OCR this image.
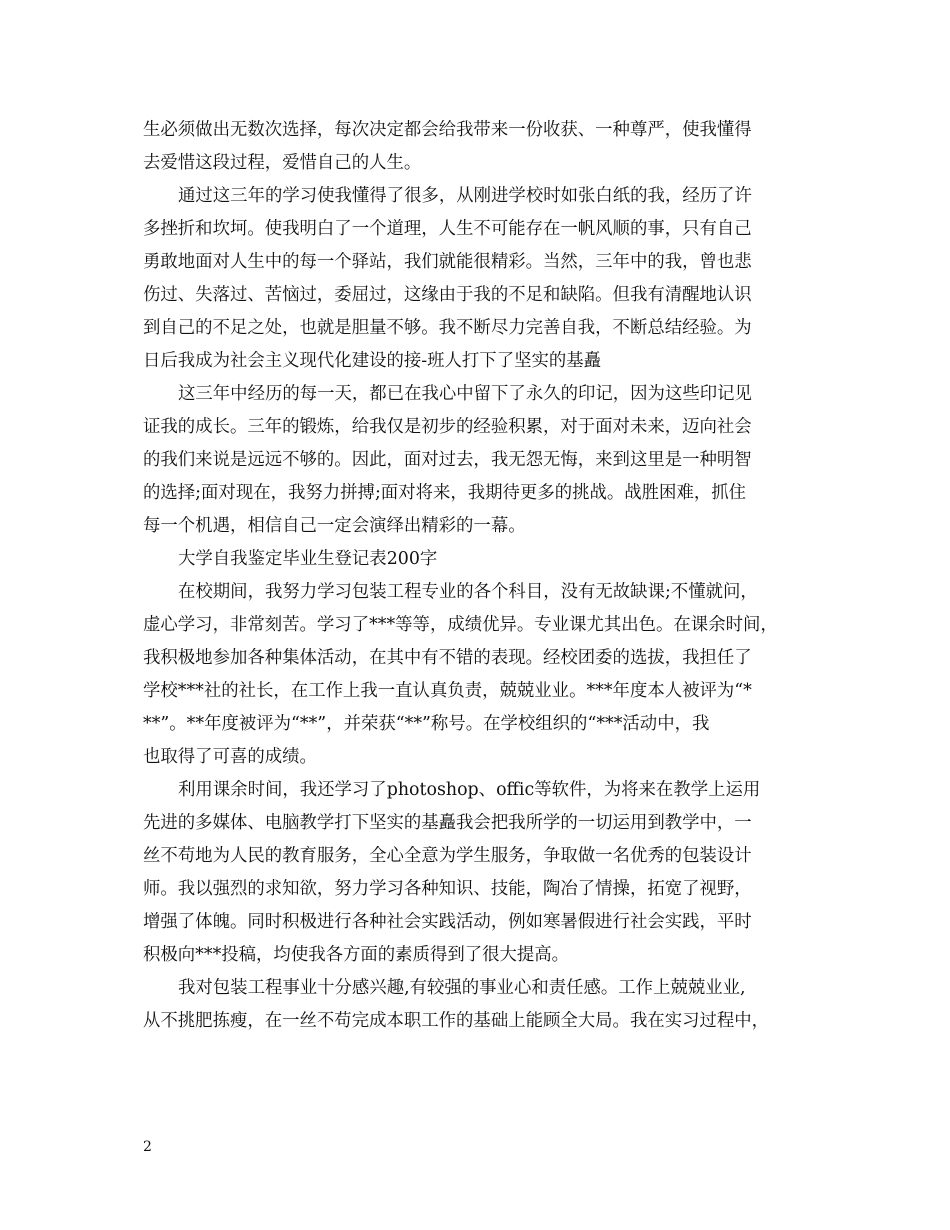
生必须做出无数次选择，每次决定都会给我带来一份收获、一种尊严，使我懂得
去爱惜这段过程，爱惜自己的人生。
通过这三年的学习使我懂得了很多，从刚进学校时如张白纸的我，经历了许
多挫折和坎坷。使我明白了一个道理，人生不可能存在一帆风顺的事，只有自己
勇敢地面对人生中的每一个驿站，我们就能很精彩。当然，三年中的我，曾也悲
伤过、失落过、苦恼过，委屈过，这缘由于我的不足和缺陷。但我有清醒地认识
到自己的不足之处，也就是胆量不够。我不断尽力完善自我，不断总结经验。为
日后我成为社会主义现代化建设的接-班人打下了坚实的基矗
这三年中经历的每一天，都已在我心中留下了永久的印记，因为这些印记见
证我的成长。三年的锻炼，给我仅是初步的经验积累，对于面对未来，迈向社会
的我们来说是远远不够的。因此，面对过去，我无怨无悔，来到这里是一种明智
的选择;面对现在，我努力拼搏;面对将来，我期待更多的挑战。战胜困难，抓住
每一个机遇，相信自己一定会演绎出精彩的一幕。
大学自我鉴定毕业生登记表200字
在校期间，我努力学习包装工程专业的各个科目，没有无故缺课;不懂就问，
虚心学习，非常刻苦。学习了***等等，成绩优异。专业课尤其出色。在课余时间，
我积极地参加各种集体活动，在其中有不错的表现。经校团委的选拔，我担任了
学校***社的社长，在工作上我一直认真负责，兢兢业业。***年度本人被评为“*
**”。**年度被评为“**”，并荣获“**”称号。在学校组织的“***活动中，我
也取得了可喜的成绩。
利用课余时间，我还学习了photoshop、offic等软件，为将来在教学上运用
先进的多媒体、电脑教学打下坚实的基矗我会把我所学的一切运用到教学中，一
丝不苟地为人民的教育服务，全心全意为学生服务，争取做一名优秀的包装设计
师。我以强烈的求知欲，努力学习各种知识、技能，陶冶了情操，拓宽了视野，
增强了体魄。同时积极进行各种社会实践活动，例如寒暑假进行社会实践，平时
积极向***投稿，均使我各方面的素质得到了很大提高。
我对包装工程事业十分感兴趣,有较强的事业心和责任感。工作上兢兢业业,
从不挑肥拣瘦，在一丝不苟完成本职工作的基础上能顾全大局。我在实习过程中，
2
